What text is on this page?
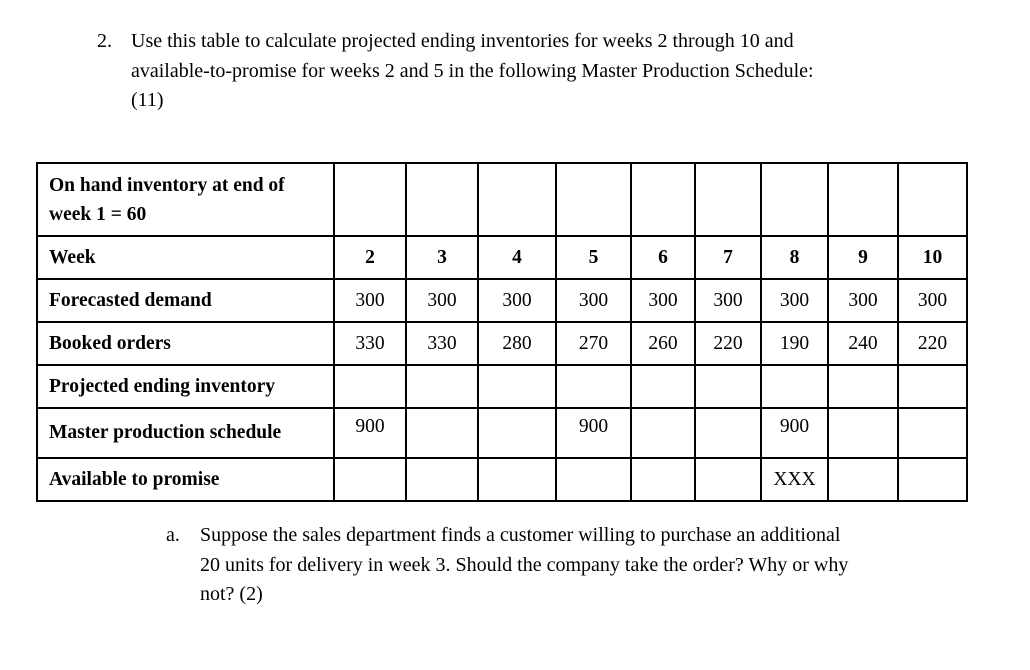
2. Use this table to calculate projected ending inventories for weeks 2 through 10 and
available-to-promise for weeks 2 and 5 in the following Master Production Schedule:
(11)
On hand inventory at end of
week 1 = 60									
Week	2	3	4	5	6	7	8	9	10
Forecasted demand	300	300	300	300	300	300	300	300	300
Booked orders	330	330	280	270	260	220	190	240	220
Projected ending inventory									
Master production schedule	900			900			900		
Available to promise							XXX		
a. Suppose the sales department finds a customer willing to purchase an additional
20 units for delivery in week 3. Should the company take the order? Why or why
not? (2)
